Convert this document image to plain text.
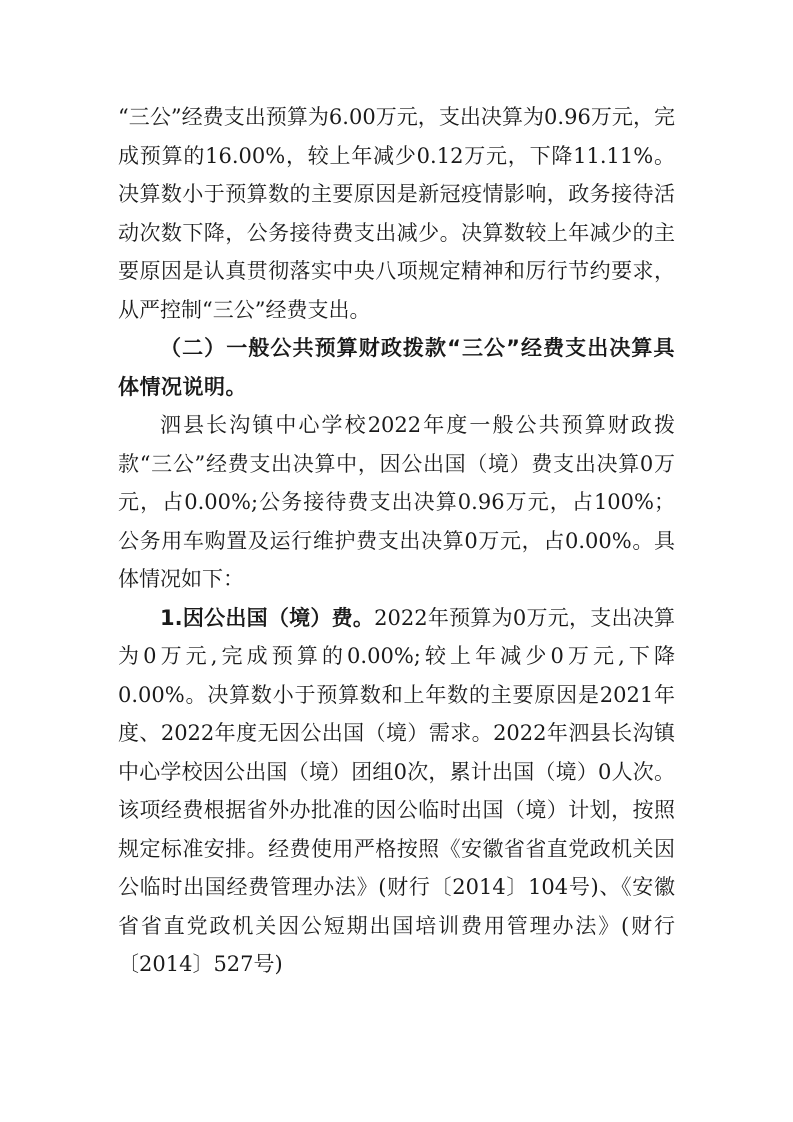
“三公”经费支出预算为6.00万元，支出决算为0.96万元，完成预算的16.00%，较上年减少0.12万元，下降11.11%。决算数小于预算数的主要原因是新冠疫情影响，政务接待活动次数下降，公务接待费支出减少。决算数较上年减少的主要原因是认真贯彻落实中央八项规定精神和厉行节约要求，从严控制“三公”经费支出。

（二）一般公共预算财政拨款“三公”经费支出决算具体情况说明。

泗县长沟镇中心学校2022年度一般公共预算财政拨款“三公”经费支出决算中，因公出国（境）费支出决算0万元，占0.00%;公务接待费支出决算0.96万元，占100%；公务用车购置及运行维护费支出决算0万元，占0.00%。具体情况如下：

1.因公出国（境）费。2022年预算为0万元，支出决算为0万元,完成预算的0.00%;较上年减少0万元,下降0.00%。决算数小于预算数和上年数的主要原因是2021年度、2022年度无因公出国（境）需求。2022年泗县长沟镇中心学校因公出国（境）团组0次，累计出国（境）0人次。该项经费根据省外办批准的因公临时出国（境）计划，按照规定标准安排。经费使用严格按照《安徽省省直党政机关因公临时出国经费管理办法》(财行〔2014〕104号)、《安徽省省直党政机关因公短期出国培训费用管理办法》(财行〔2014〕527号)
